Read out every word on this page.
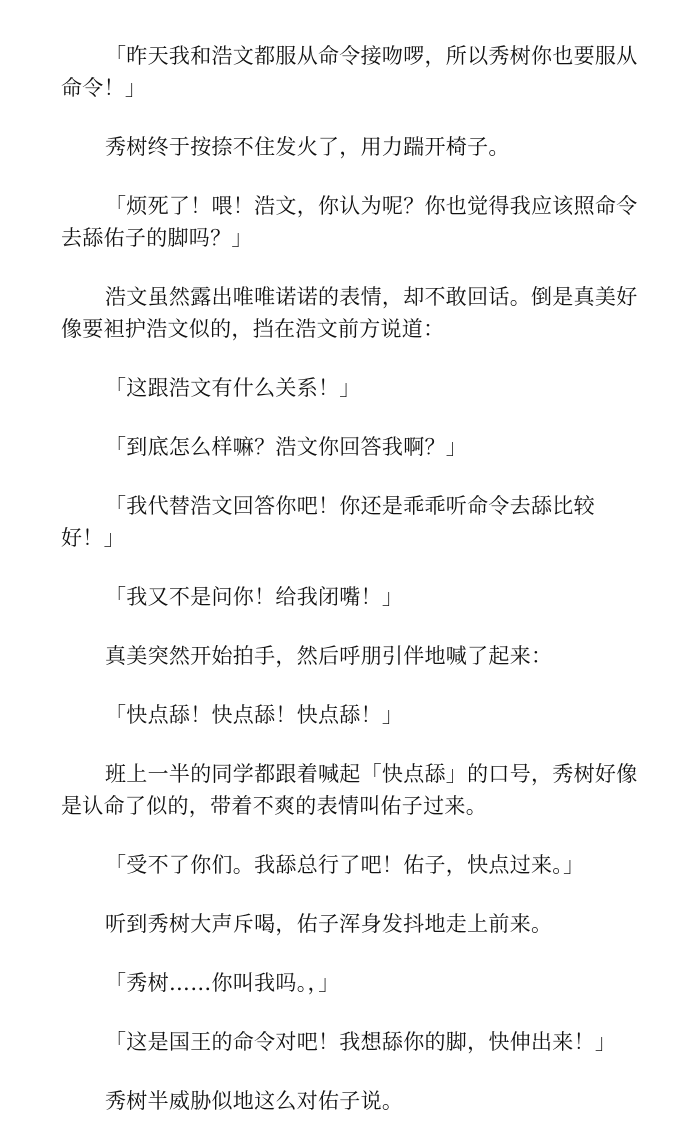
「昨天我和浩文都服从命令接吻啰，所以秀树你也要服从命令！」

秀树终于按捺不住发火了，用力踹开椅子。

「烦死了！喂！浩文，你认为呢？你也觉得我应该照命令去舔佑子的脚吗？」

浩文虽然露出唯唯诺诺的表情，却不敢回话。倒是真美好像要袒护浩文似的，挡在浩文前方说道：

「这跟浩文有什么关系！」

「到底怎么样嘛？浩文你回答我啊？」

「我代替浩文回答你吧！你还是乖乖听命令去舔比较好！」

「我又不是问你！给我闭嘴！」

真美突然开始拍手，然后呼朋引伴地喊了起来：

「快点舔！快点舔！快点舔！」

班上一半的同学都跟着喊起「快点舔」的口号，秀树好像是认命了似的，带着不爽的表情叫佑子过来。

「受不了你们。我舔总行了吧！佑子，快点过来。」

听到秀树大声斥喝，佑子浑身发抖地走上前来。

「秀树……你叫我吗。，」

「这是国王的命令对吧！我想舔你的脚，快伸出来！」

秀树半威胁似地这么对佑子说。
